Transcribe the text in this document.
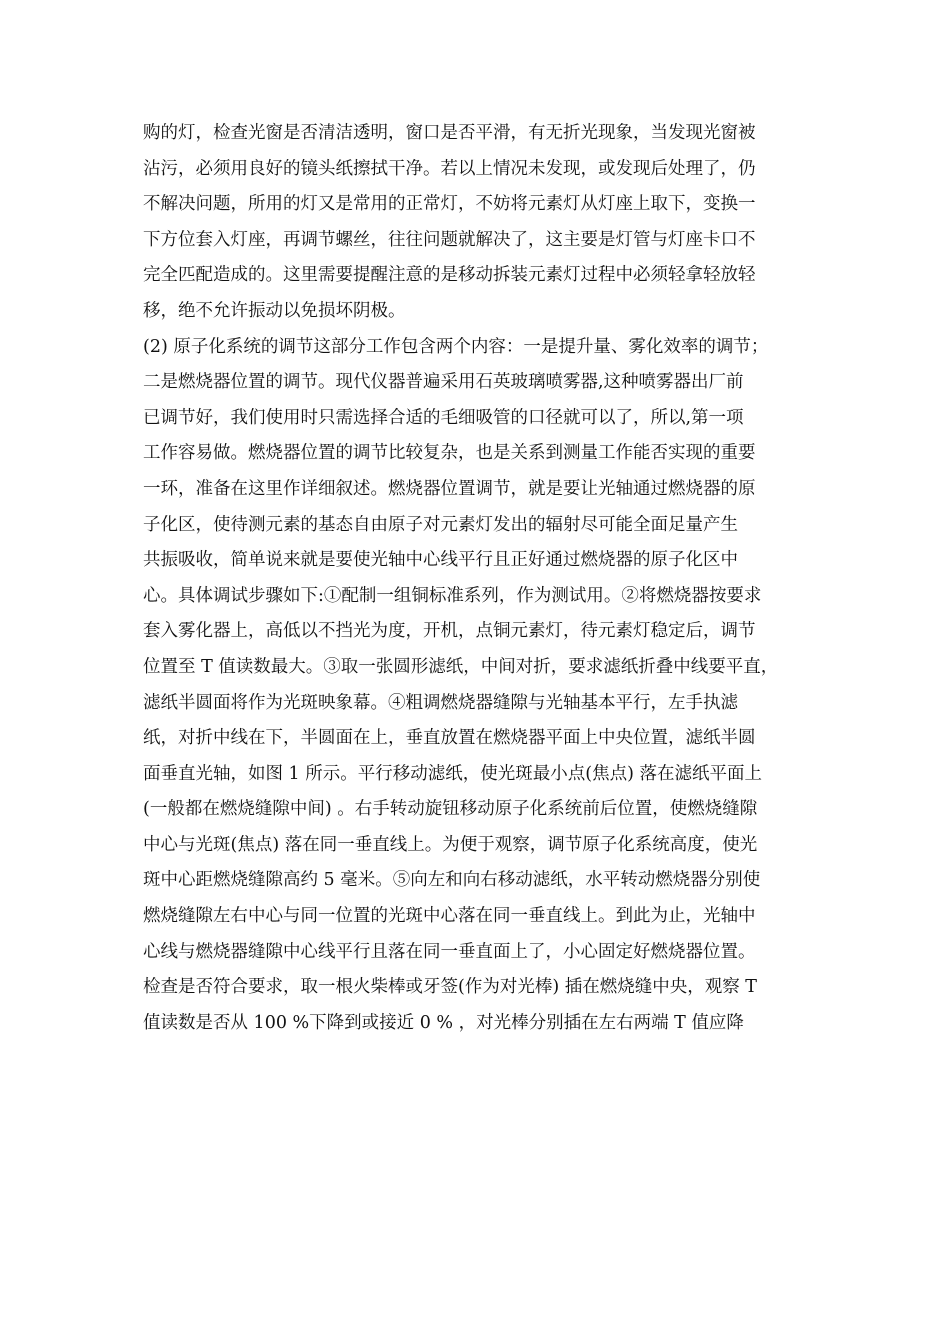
购的灯，检查光窗是否清洁透明，窗口是否平滑，有无折光现象，当发现光窗被
沾污，必须用良好的镜头纸擦拭干净。若以上情况未发现，或发现后处理了，仍
不解决问题，所用的灯又是常用的正常灯，不妨将元素灯从灯座上取下，变换一
下方位套入灯座，再调节螺丝，往往问题就解决了，这主要是灯管与灯座卡口不
完全匹配造成的。这里需要提醒注意的是移动拆装元素灯过程中必须轻拿轻放轻
移，绝不允许振动以免损坏阴极。
(2) 原子化系统的调节这部分工作包含两个内容：一是提升量、雾化效率的调节；
二是燃烧器位置的调节。现代仪器普遍采用石英玻璃喷雾器,这种喷雾器出厂前
已调节好，我们使用时只需选择合适的毛细吸管的口径就可以了，所以,第一项
工作容易做。燃烧器位置的调节比较复杂，也是关系到测量工作能否实现的重要
一环，准备在这里作详细叙述。燃烧器位置调节，就是要让光轴通过燃烧器的原
子化区，使待测元素的基态自由原子对元素灯发出的辐射尽可能全面足量产生
共振吸收，简单说来就是要使光轴中心线平行且正好通过燃烧器的原子化区中
心。具体调试步骤如下:①配制一组铜标准系列，作为测试用。②将燃烧器按要求
套入雾化器上，高低以不挡光为度，开机，点铜元素灯，待元素灯稳定后，调节
位置至 T 值读数最大。③取一张圆形滤纸，中间对折，要求滤纸折叠中线要平直，
滤纸半圆面将作为光斑映象幕。④粗调燃烧器缝隙与光轴基本平行，左手执滤
纸，对折中线在下，半圆面在上，垂直放置在燃烧器平面上中央位置，滤纸半圆
面垂直光轴，如图 1 所示。平行移动滤纸，使光斑最小点(焦点) 落在滤纸平面上
(一般都在燃烧缝隙中间) 。右手转动旋钮移动原子化系统前后位置，使燃烧缝隙
中心与光斑(焦点) 落在同一垂直线上。为便于观察，调节原子化系统高度，使光
斑中心距燃烧缝隙高约 5 毫米。⑤向左和向右移动滤纸，水平转动燃烧器分别使
燃烧缝隙左右中心与同一位置的光斑中心落在同一垂直线上。到此为止，光轴中
心线与燃烧器缝隙中心线平行且落在同一垂直面上了，小心固定好燃烧器位置。
检查是否符合要求，取一根火柴棒或牙签(作为对光棒) 插在燃烧缝中央，观察 T
值读数是否从 100 %下降到或接近 0 % ，对光棒分别插在左右两端 T 值应降
